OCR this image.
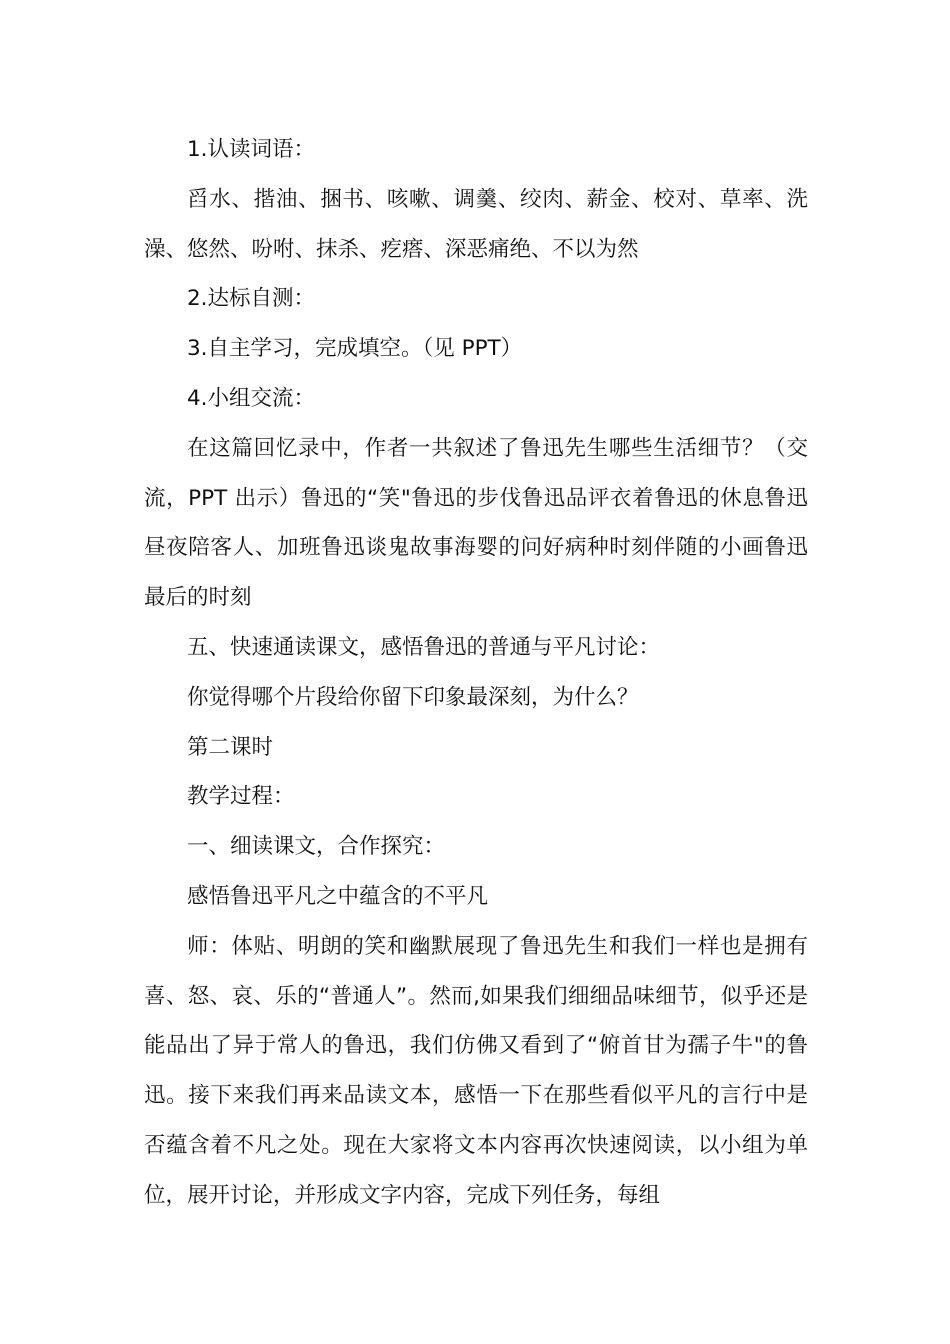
1.认读词语：

舀水、揩油、捆书、咳嗽、调羹、绞肉、薪金、校对、草率、洗澡、悠然、吩咐、抹杀、疙瘩、深恶痛绝、不以为然

2.达标自测：

3.自主学习，完成填空。（见 PPT）

4.小组交流：

在这篇回忆录中，作者一共叙述了鲁迅先生哪些生活细节？（交流，PPT 出示）鲁迅的“笑"鲁迅的步伐鲁迅品评衣着鲁迅的休息鲁迅昼夜陪客人、加班鲁迅谈鬼故事海婴的问好病种时刻伴随的小画鲁迅最后的时刻

五、快速通读课文，感悟鲁迅的普通与平凡讨论：

你觉得哪个片段给你留下印象最深刻，为什么？

第二课时

教学过程：

一、细读课文，合作探究：

感悟鲁迅平凡之中蕴含的不平凡

师：体贴、明朗的笑和幽默展现了鲁迅先生和我们一样也是拥有喜、怒、哀、乐的“普通人”。然而,如果我们细细品味细节，似乎还是能品出了异于常人的鲁迅，我们仿佛又看到了“俯首甘为孺子牛"的鲁迅。接下来我们再来品读文本，感悟一下在那些看似平凡的言行中是否蕴含着不凡之处。现在大家将文本内容再次快速阅读，以小组为单位，展开讨论，并形成文字内容，完成下列任务，每组
